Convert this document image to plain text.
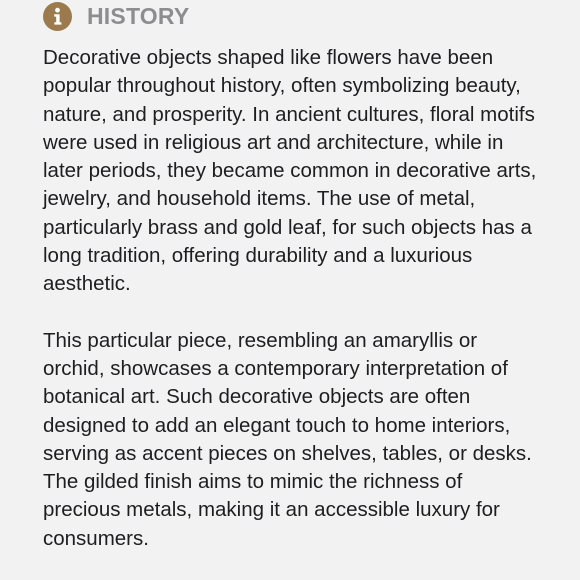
HISTORY

Decorative objects shaped like flowers have been popular throughout history, often symbolizing beauty, nature, and prosperity. In ancient cultures, floral motifs were used in religious art and architecture, while in later periods, they became common in decorative arts, jewelry, and household items. The use of metal, particularly brass and gold leaf, for such objects has a long tradition, offering durability and a luxurious aesthetic.

This particular piece, resembling an amaryllis or orchid, showcases a contemporary interpretation of botanical art. Such decorative objects are often designed to add an elegant touch to home interiors, serving as accent pieces on shelves, tables, or desks. The gilded finish aims to mimic the richness of precious metals, making it an accessible luxury for consumers.
